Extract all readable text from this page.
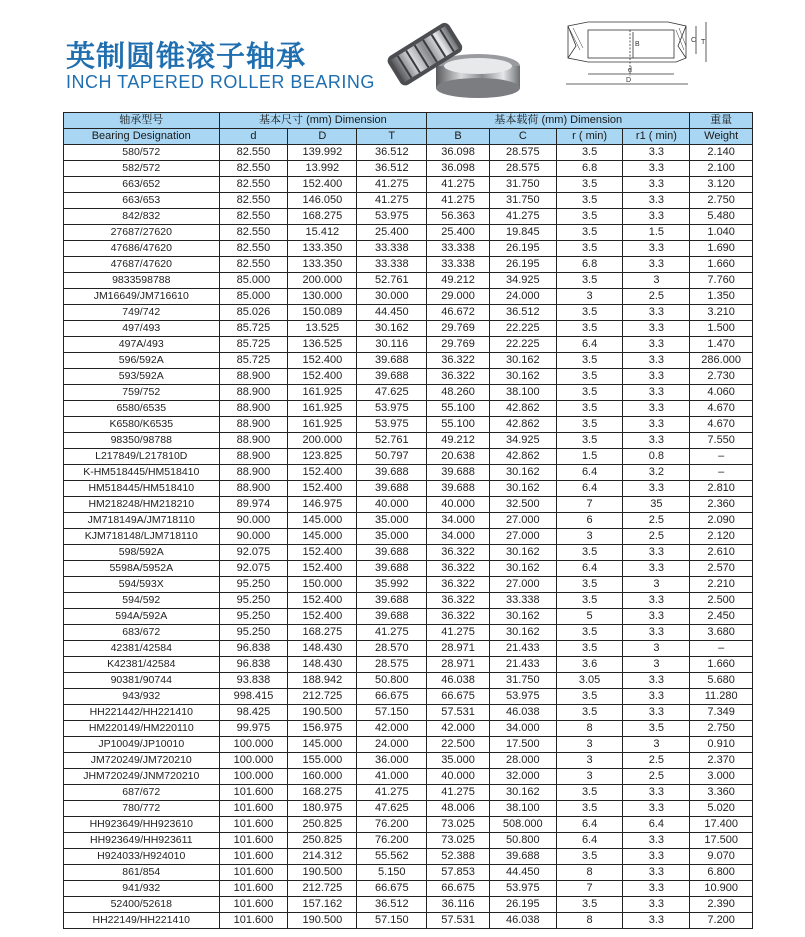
英制圆锥滚子轴承
INCH TAPERED ROLLER BEARING
B
C T
d
D
轴承型号	基本尺寸 (mm) Dimension			基本载荷 (mm) Dimension				重量
Bearing Designation	d	D	T	B	C	r ( min)	r1 ( min)	Weight
580/572	82.550	139.992	36.512	36.098	28.575	3.5	3.3	2.140
582/572	82.550	13.992	36.512	36.098	28.575	6.8	3.3	2.100
663/652	82.550	152.400	41.275	41.275	31.750	3.5	3.3	3.120
663/653	82.550	146.050	41.275	41.275	31.750	3.5	3.3	2.750
842/832	82.550	168.275	53.975	56.363	41.275	3.5	3.3	5.480
27687/27620	82.550	15.412	25.400	25.400	19.845	3.5	1.5	1.040
47686/47620	82.550	133.350	33.338	33.338	26.195	3.5	3.3	1.690
47687/47620	82.550	133.350	33.338	33.338	26.195	6.8	3.3	1.660
9833598788	85.000	200.000	52.761	49.212	34.925	3.5	3	7.760
JM16649/JM716610	85.000	130.000	30.000	29.000	24.000	3	2.5	1.350
749/742	85.026	150.089	44.450	46.672	36.512	3.5	3.3	3.210
497/493	85.725	13.525	30.162	29.769	22.225	3.5	3.3	1.500
497A/493	85.725	136.525	30.116	29.769	22.225	6.4	3.3	1.470
596/592A	85.725	152.400	39.688	36.322	30.162	3.5	3.3	286.000
593/592A	88.900	152.400	39.688	36.322	30.162	3.5	3.3	2.730
759/752	88.900	161.925	47.625	48.260	38.100	3.5	3.3	4.060
6580/6535	88.900	161.925	53.975	55.100	42.862	3.5	3.3	4.670
K6580/K6535	88.900	161.925	53.975	55.100	42.862	3.5	3.3	4.670
98350/98788	88.900	200.000	52.761	49.212	34.925	3.5	3.3	7.550
L217849/L217810D	88.900	123.825	50.797	20.638	42.862	1.5	0.8	–
K-HM518445/HM518410	88.900	152.400	39.688	39.688	30.162	6.4	3.2	–
HM518445/HM518410	88.900	152.400	39.688	39.688	30.162	6.4	3.3	2.810
HM218248/HM218210	89.974	146.975	40.000	40.000	32.500	7	35	2.360
JM718149A/JM718110	90.000	145.000	35.000	34.000	27.000	6	2.5	2.090
KJM718148/LJM718110	90.000	145.000	35.000	34.000	27.000	3	2.5	2.120
598/592A	92.075	152.400	39.688	36.322	30.162	3.5	3.3	2.610
5598A/5952A	92.075	152.400	39.688	36.322	30.162	6.4	3.3	2.570
594/593X	95.250	150.000	35.992	36.322	27.000	3.5	3	2.210
594/592	95.250	152.400	39.688	36.322	33.338	3.5	3.3	2.500
594A/592A	95.250	152.400	39.688	36.322	30.162	5	3.3	2.450
683/672	95.250	168.275	41.275	41.275	30.162	3.5	3.3	3.680
42381/42584	96.838	148.430	28.570	28.971	21.433	3.5	3	–
K42381/42584	96.838	148.430	28.575	28.971	21.433	3.6	3	1.660
90381/90744	93.838	188.942	50.800	46.038	31.750	3.05	3.3	5.680
943/932	998.415	212.725	66.675	66.675	53.975	3.5	3.3	11.280
HH221442/HH221410	98.425	190.500	57.150	57.531	46.038	3.5	3.3	7.349
HM220149/HM220110	99.975	156.975	42.000	42.000	34.000	8	3.5	2.750
JP10049/JP10010	100.000	145.000	24.000	22.500	17.500	3	3	0.910
JM720249/JM720210	100.000	155.000	36.000	35.000	28.000	3	2.5	2.370
JHM720249/JNM720210	100.000	160.000	41.000	40.000	32.000	3	2.5	3.000
687/672	101.600	168.275	41.275	41.275	30.162	3.5	3.3	3.360
780/772	101.600	180.975	47.625	48.006	38.100	3.5	3.3	5.020
HH923649/HH923610	101.600	250.825	76.200	73.025	508.000	6.4	6.4	17.400
HH923649/HH923611	101.600	250.825	76.200	73.025	50.800	6.4	3.3	17.500
H924033/H924010	101.600	214.312	55.562	52.388	39.688	3.5	3.3	9.070
861/854	101.600	190.500	5.150	57.853	44.450	8	3.3	6.800
941/932	101.600	212.725	66.675	66.675	53.975	7	3.3	10.900
52400/52618	101.600	157.162	36.512	36.116	26.195	3.5	3.3	2.390
HH22149/HH221410	101.600	190.500	57.150	57.531	46.038	8	3.3	7.200
